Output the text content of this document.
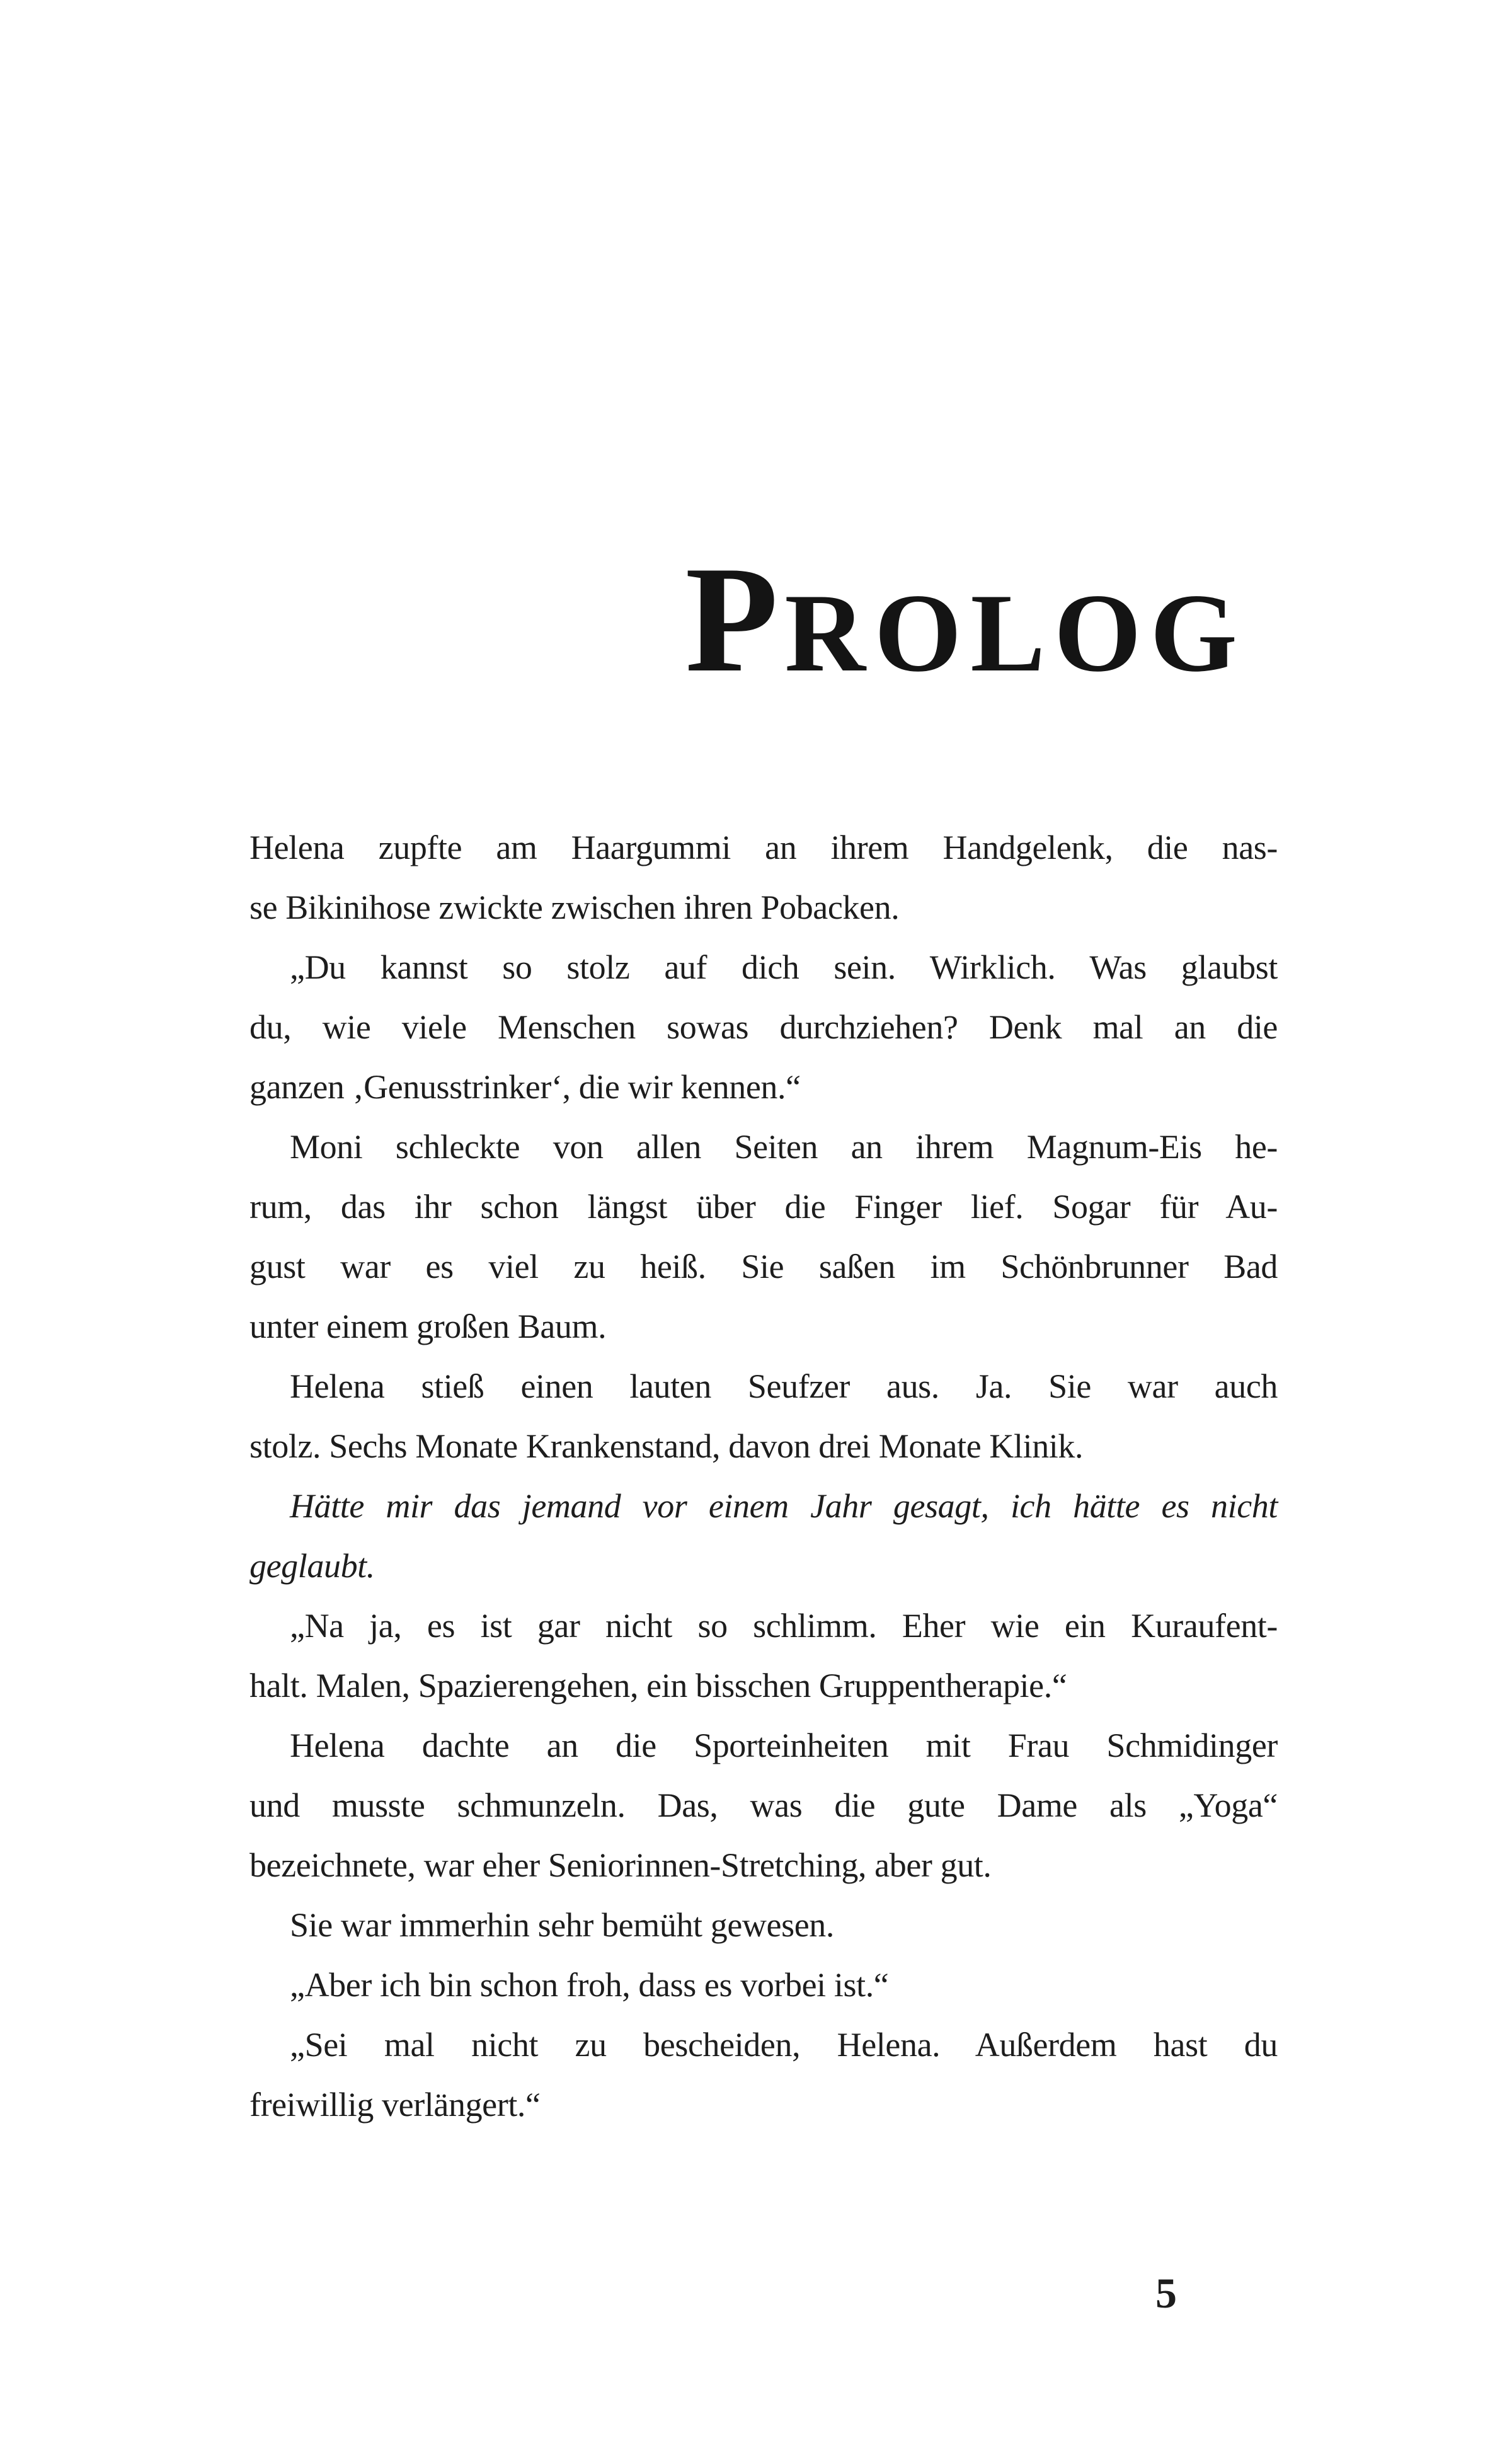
PROLOG
Helena zupfte am Haargummi an ihrem Handgelenk, die nas-
se Bikinihose zwickte zwischen ihren Pobacken.
„Du kannst so stolz auf dich sein. Wirklich. Was glaubst
du, wie viele Menschen sowas durchziehen? Denk mal an die
ganzen ‚Genusstrinker‘, die wir kennen.“
Moni schleckte von allen Seiten an ihrem Magnum-Eis he-
rum, das ihr schon längst über die Finger lief. Sogar für Au-
gust war es viel zu heiß. Sie saßen im Schönbrunner Bad
unter einem großen Baum.
Helena stieß einen lauten Seufzer aus. Ja. Sie war auch
stolz. Sechs Monate Krankenstand, davon drei Monate Klinik.
Hätte mir das jemand vor einem Jahr gesagt, ich hätte es nicht
geglaubt.
„Na ja, es ist gar nicht so schlimm. Eher wie ein Kuraufent-
halt. Malen, Spazierengehen, ein bisschen Gruppentherapie.“
Helena dachte an die Sporteinheiten mit Frau Schmidinger
und musste schmunzeln. Das, was die gute Dame als „Yoga“
bezeichnete, war eher Seniorinnen-Stretching, aber gut.
Sie war immerhin sehr bemüht gewesen.
„Aber ich bin schon froh, dass es vorbei ist.“
„Sei mal nicht zu bescheiden, Helena. Außerdem hast du
freiwillig verlängert.“
5
